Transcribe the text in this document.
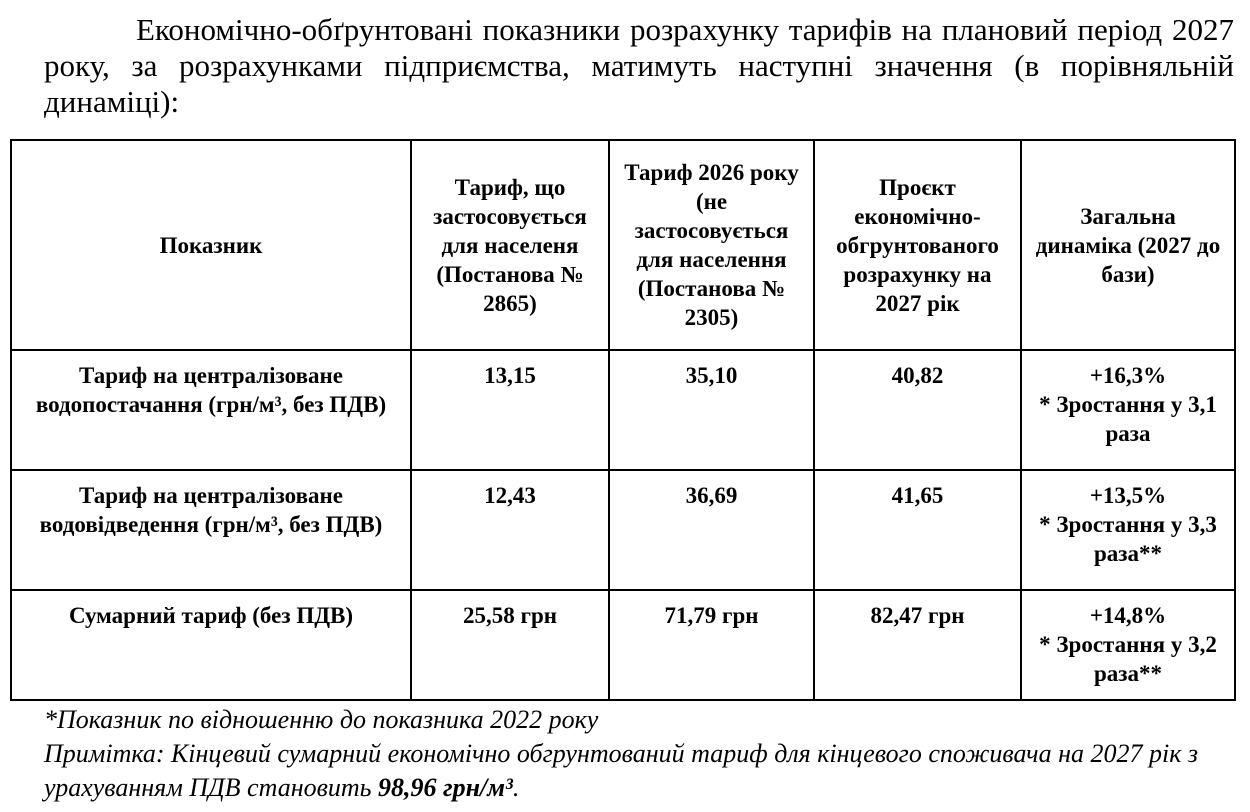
Економічно-обґрунтовані показники розрахунку тарифів на плановий період 2027 року, за розрахунками підприємства, матимуть наступні значення (в порівняльній динаміці):

Показник	Тариф, що застосовується для населеня (Постанова № 2865)	Тариф 2026 року (не застосовується для населення (Постанова № 2305)	Проєкт економічно-обгрунтованого розрахунку на 2027 рік	Загальна динаміка (2027 до бази)
Тариф на централізоване водопостачання (грн/м³, без ПДВ)	13,15	35,10	40,82	+16,3%
* Зростання у 3,1 раза

Тариф на централізоване водовідведення (грн/м³, без ПДВ)	12,43	36,69	41,65	+13,5%
* Зростання у 3,3 раза**

Сумарний тариф (без ПДВ)	25,58 грн	71,79 грн	82,47 грн	+14,8%
* Зростання у 3,2 раза**

*Показник по відношенню до показника 2022 року

Примітка: Кінцевий сумарний економічно обгрунтований тариф для кінцевого споживача на 2027 рік з урахуванням ПДВ становить 98,96 грн/м³.
